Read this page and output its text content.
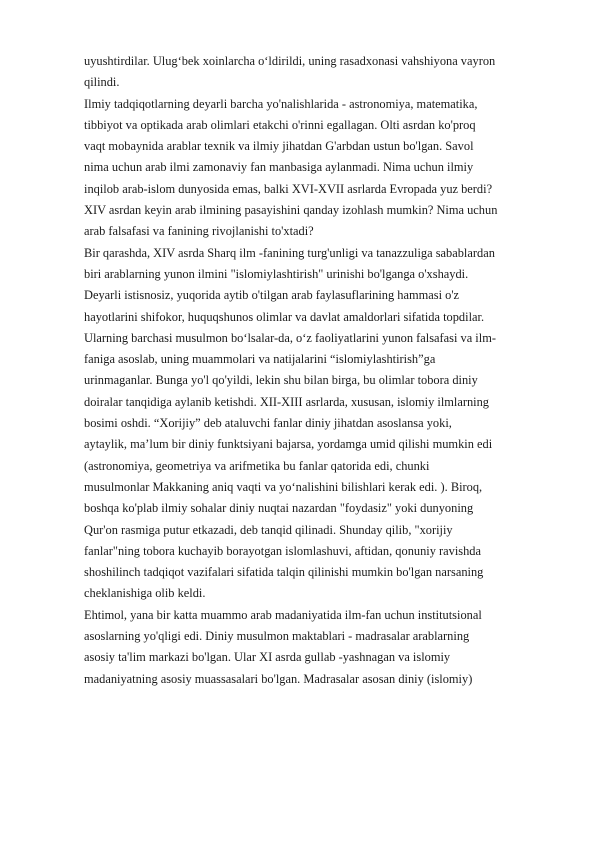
uyushtirdilar. Ulug‘bek xoinlarcha o‘ldirildi, uning rasadxonasi vahshiyona vayron
qilindi.
Ilmiy tadqiqotlarning deyarli barcha yo'nalishlarida - astronomiya, matematika,
tibbiyot va optikada arab olimlari etakchi o'rinni egallagan. Olti asrdan ko'proq
vaqt mobaynida arablar texnik va ilmiy jihatdan G'arbdan ustun bo'lgan. Savol
nima uchun arab ilmi zamonaviy fan manbasiga aylanmadi. Nima uchun ilmiy
inqilob arab-islom dunyosida emas, balki XVI-XVII asrlarda Evropada yuz berdi?
XIV asrdan keyin arab ilmining pasayishini qanday izohlash mumkin? Nima uchun
arab falsafasi va fanining rivojlanishi to'xtadi?
Bir qarashda, XIV asrda Sharq ilm -fanining turg'unligi va tanazzuliga sabablardan
biri arablarning yunon ilmini "islomiylashtirish" urinishi bo'lganga o'xshaydi.
Deyarli istisnosiz, yuqorida aytib o'tilgan arab faylasuflarining hammasi o'z
hayotlarini shifokor, huquqshunos olimlar va davlat amaldorlari sifatida topdilar.
Ularning barchasi musulmon bo‘lsalar-da, o‘z faoliyatlarini yunon falsafasi va ilm-
faniga asoslab, uning muammolari va natijalarini “islomiylashtirish”ga
urinmaganlar. Bunga yo'l qo'yildi, lekin shu bilan birga, bu olimlar tobora diniy
doiralar tanqidiga aylanib ketishdi. XII-XIII asrlarda, xususan, islomiy ilmlarning
bosimi oshdi. “Xorijiy” deb ataluvchi fanlar diniy jihatdan asoslansa yoki,
aytaylik, ma’lum bir diniy funktsiyani bajarsa, yordamga umid qilishi mumkin edi
(astronomiya, geometriya va arifmetika bu fanlar qatorida edi, chunki
musulmonlar Makkaning aniq vaqti va yo‘nalishini bilishlari kerak edi. ). Biroq,
boshqa ko'plab ilmiy sohalar diniy nuqtai nazardan "foydasiz" yoki dunyoning
Qur'on rasmiga putur etkazadi, deb tanqid qilinadi. Shunday qilib, "xorijiy
fanlar"ning tobora kuchayib borayotgan islomlashuvi, aftidan, qonuniy ravishda
shoshilinch tadqiqot vazifalari sifatida talqin qilinishi mumkin bo'lgan narsaning
cheklanishiga olib keldi.
Ehtimol, yana bir katta muammo arab madaniyatida ilm-fan uchun institutsional
asoslarning yo'qligi edi. Diniy musulmon maktablari - madrasalar arablarning
asosiy ta'lim markazi bo'lgan. Ular XI asrda gullab -yashnagan va islomiy
madaniyatning asosiy muassasalari bo'lgan. Madrasalar asosan diniy (islomiy)
